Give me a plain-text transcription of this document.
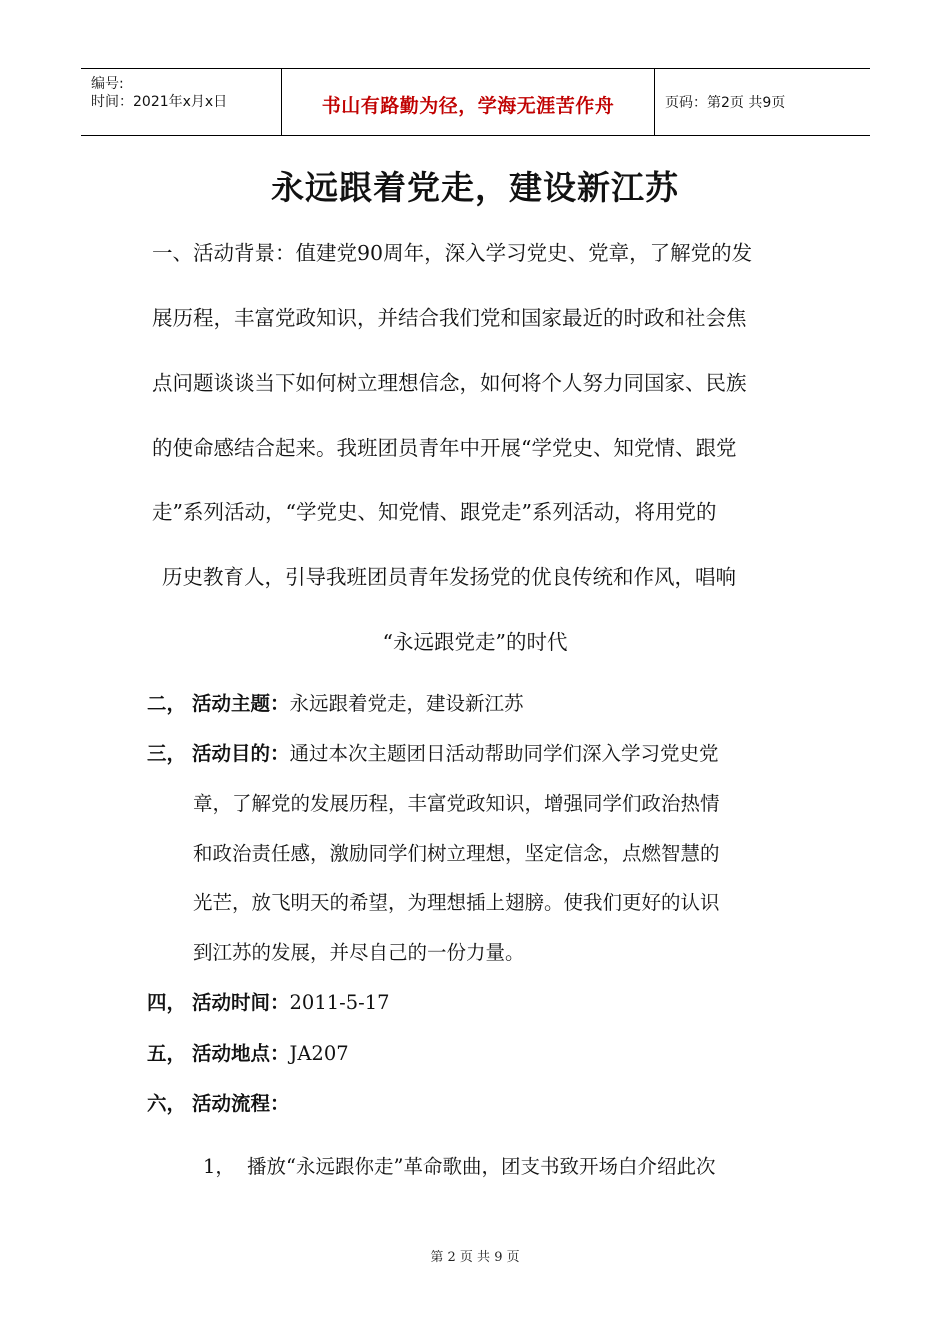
编号:
时间：2021年x月x日	书山有路勤为径，学海无涯苦作舟	页码：第2页 共9页
永远跟着党走，建设新江苏
一、活动背景：值建党90周年，深入学习党史、党章，了解党的发
展历程，丰富党政知识，并结合我们党和国家最近的时政和社会焦
点问题谈谈当下如何树立理想信念，如何将个人努力同国家、民族
的使命感结合起来。我班团员青年中开展“学党史、知党情、跟党
走”系列活动，“学党史、知党情、跟党走”系列活动，将用党的
历史教育人，引导我班团员青年发扬党的优良传统和作风，唱响
“永远跟党走”的时代
二， 活动主题：永远跟着党走，建设新江苏
三， 活动目的：通过本次主题团日活动帮助同学们深入学习党史党
章，了解党的发展历程，丰富党政知识，增强同学们政治热情
和政治责任感，激励同学们树立理想，坚定信念，点燃智慧的
光芒，放飞明天的希望，为理想插上翅膀。使我们更好的认识
到江苏的发展，并尽自己的一份力量。
四， 活动时间：2011-5-17
五， 活动地点：JA207
六， 活动流程：
1， 播放“永远跟你走”革命歌曲，团支书致开场白介绍此次
第 2 页 共 9 页
